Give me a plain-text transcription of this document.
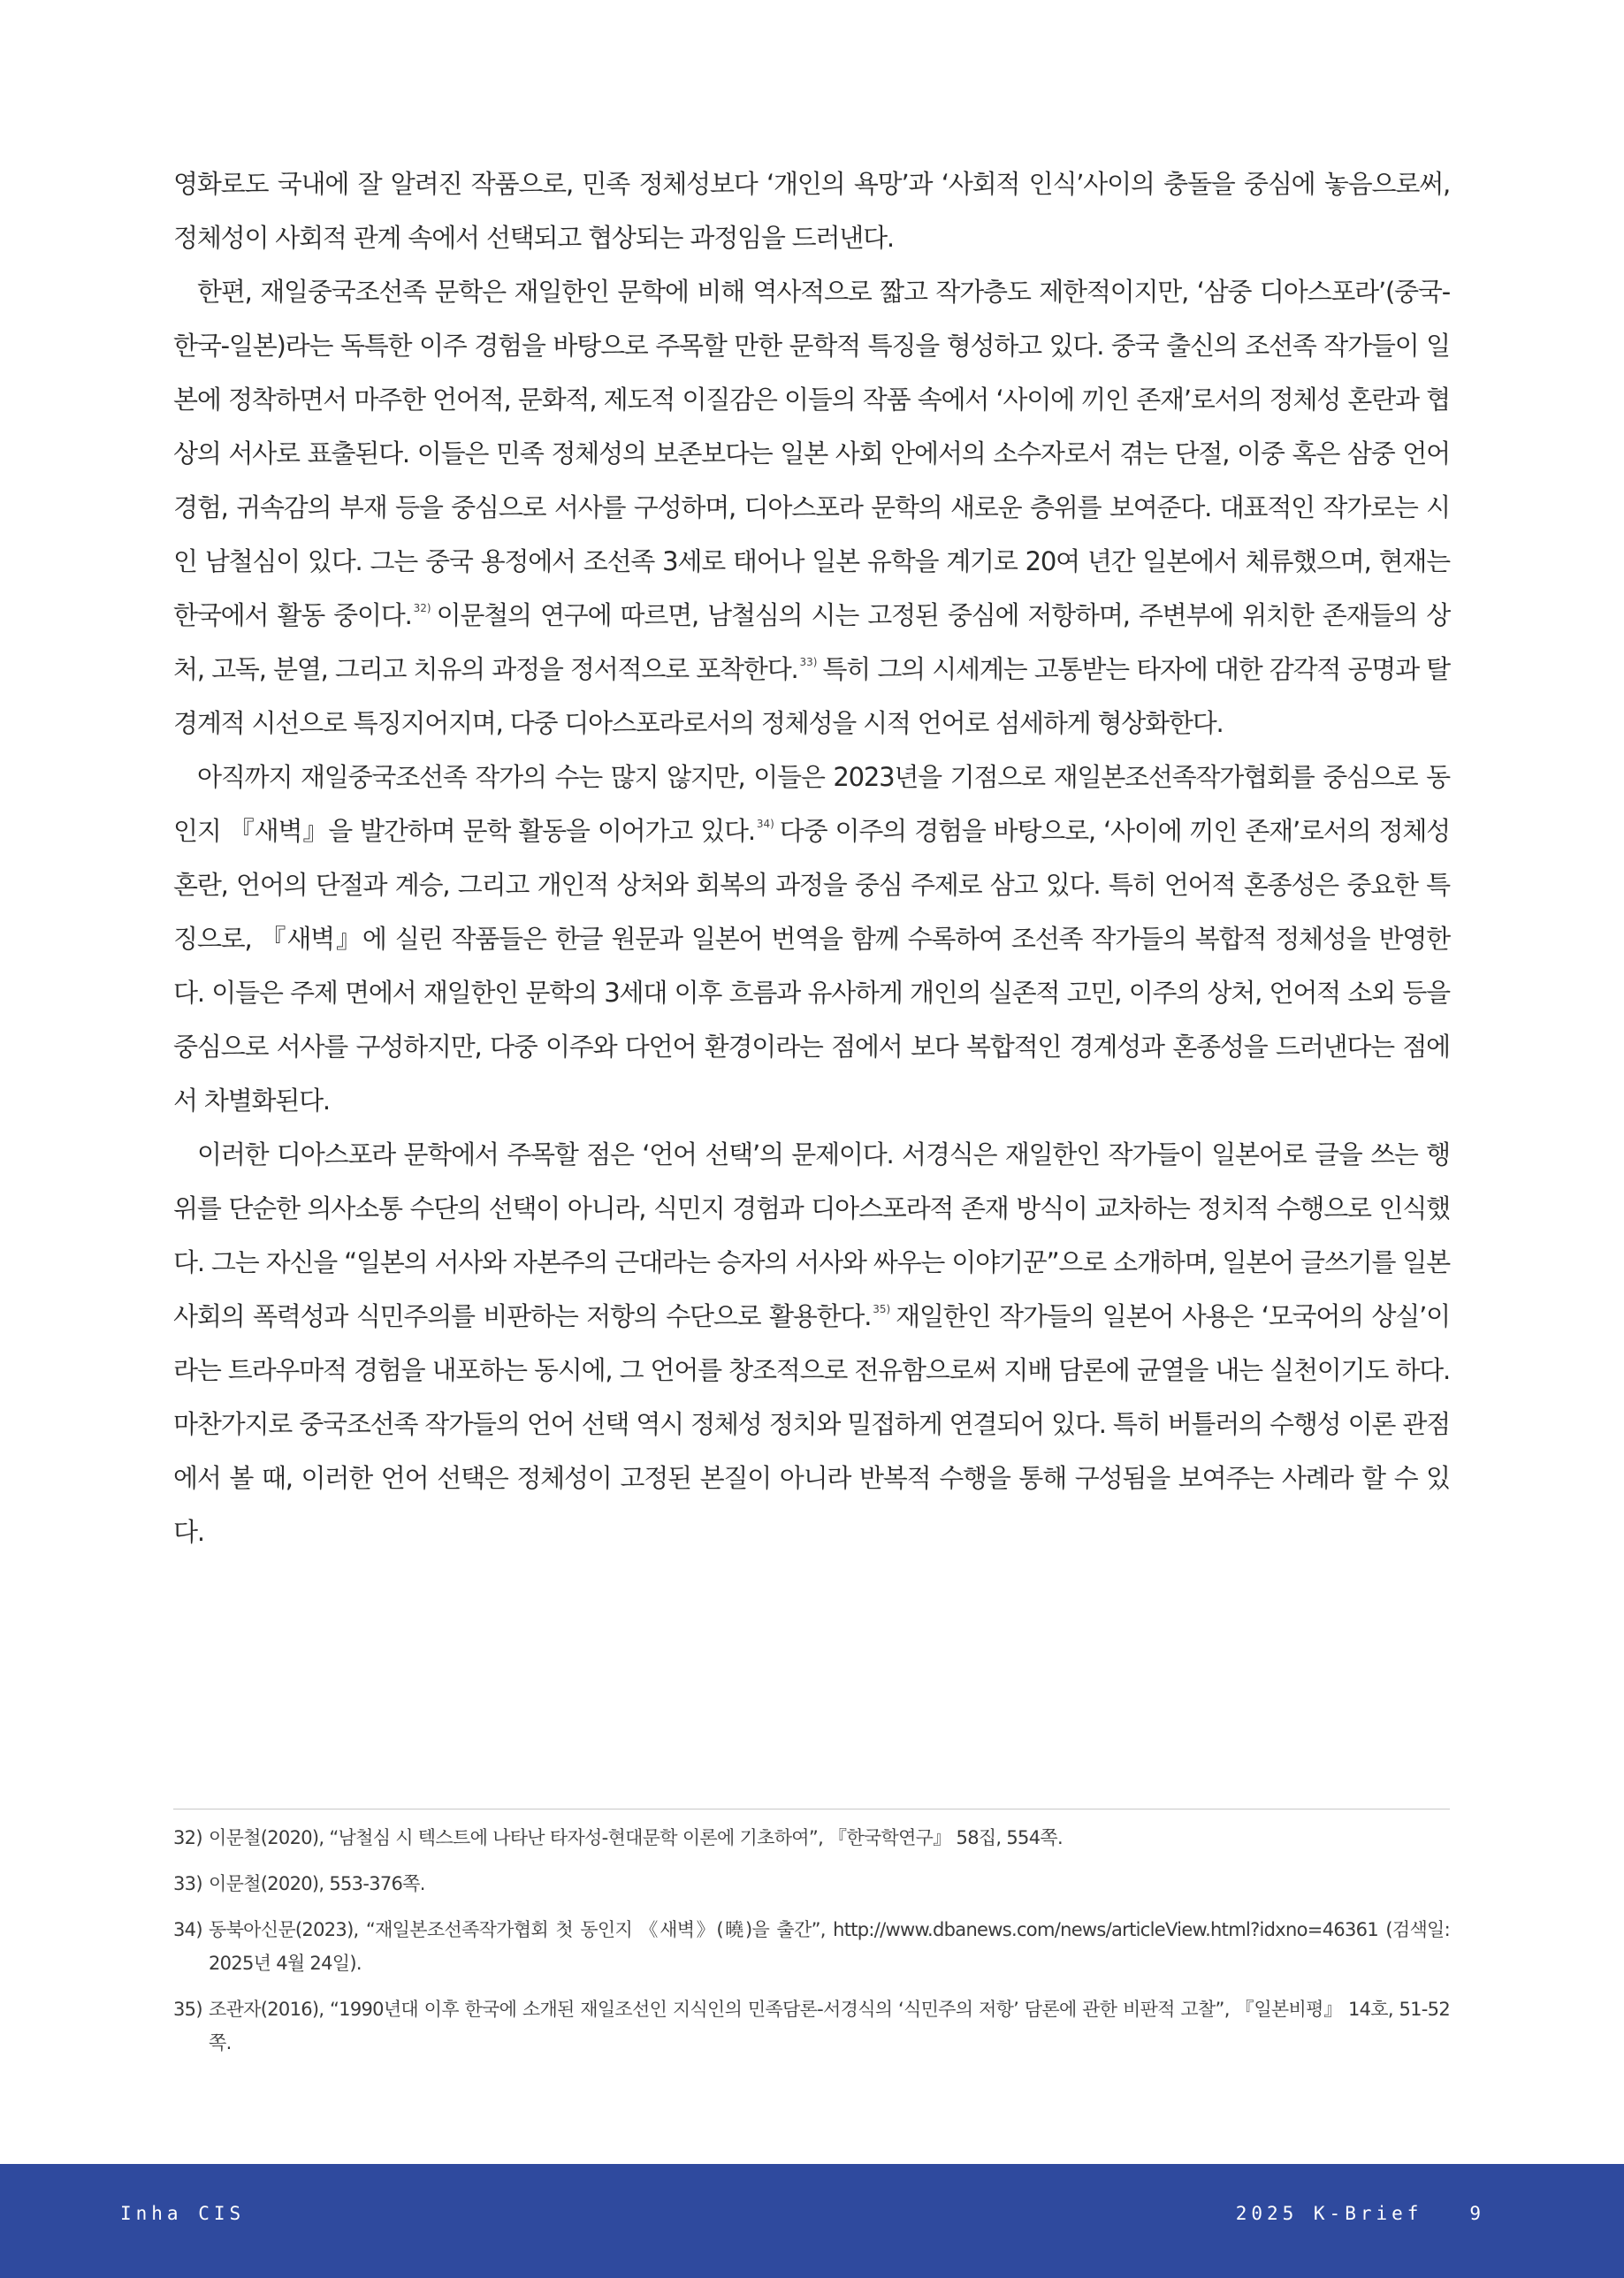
영화로도 국내에 잘 알려진 작품으로, 민족 정체성보다 ‘개인의 욕망’과 ‘사회적 인식’사이의 충돌을 중심에 놓음으로써, 정체성이 사회적 관계 속에서 선택되고 협상되는 과정임을 드러낸다.

한편, 재일중국조선족 문학은 재일한인 문학에 비해 역사적으로 짧고 작가층도 제한적이지만, ‘삼중 디아스포라’(중국-한국-일본)라는 독특한 이주 경험을 바탕으로 주목할 만한 문학적 특징을 형성하고 있다. 중국 출신의 조선족 작가들이 일본에 정착하면서 마주한 언어적, 문화적, 제도적 이질감은 이들의 작품 속에서 ‘사이에 끼인 존재’로서의 정체성 혼란과 협상의 서사로 표출된다. 이들은 민족 정체성의 보존보다는 일본 사회 안에서의 소수자로서 겪는 단절, 이중 혹은 삼중 언어 경험, 귀속감의 부재 등을 중심으로 서사를 구성하며, 디아스포라 문학의 새로운 층위를 보여준다. 대표적인 작가로는 시인 남철심이 있다. 그는 중국 용정에서 조선족 3세로 태어나 일본 유학을 계기로 20여 년간 일본에서 체류했으며, 현재는 한국에서 활동 중이다. $^{32)}$ 이문철의 연구에 따르면, 남철심의 시는 고정된 중심에 저항하며, 주변부에 위치한 존재들의 상처, 고독, 분열, 그리고 치유의 과정을 정서적으로 포착한다. $^{33)}$ 특히 그의 시세계는 고통받는 타자에 대한 감각적 공명과 탈경계적 시선으로 특징지어지며, 다중 디아스포라로서의 정체성을 시적 언어로 섬세하게 형상화한다.

아직까지 재일중국조선족 작가의 수는 많지 않지만, 이들은 2023년을 기점으로 재일본조선족작가협회를 중심으로 동인지 『새벽』을 발간하며 문학 활동을 이어가고 있다. $^{34)}$ 다중 이주의 경험을 바탕으로, ‘사이에 끼인 존재’로서의 정체성 혼란, 언어의 단절과 계승, 그리고 개인적 상처와 회복의 과정을 중심 주제로 삼고 있다. 특히 언어적 혼종성은 중요한 특징으로, 『새벽』에 실린 작품들은 한글 원문과 일본어 번역을 함께 수록하여 조선족 작가들의 복합적 정체성을 반영한다. 이들은 주제 면에서 재일한인 문학의 3세대 이후 흐름과 유사하게 개인의 실존적 고민, 이주의 상처, 언어적 소외 등을 중심으로 서사를 구성하지만, 다중 이주와 다언어 환경이라는 점에서 보다 복합적인 경계성과 혼종성을 드러낸다는 점에서 차별화된다.

이러한 디아스포라 문학에서 주목할 점은 ‘언어 선택’의 문제이다. 서경식은 재일한인 작가들이 일본어로 글을 쓰는 행위를 단순한 의사소통 수단의 선택이 아니라, 식민지 경험과 디아스포라적 존재 방식이 교차하는 정치적 수행으로 인식했다. 그는 자신을 “일본의 서사와 자본주의 근대라는 승자의 서사와 싸우는 이야기꾼”으로 소개하며, 일본어 글쓰기를 일본 사회의 폭력성과 식민주의를 비판하는 저항의 수단으로 활용한다. $^{35)}$ 재일한인 작가들의 일본어 사용은 ‘모국어의 상실’이라는 트라우마적 경험을 내포하는 동시에, 그 언어를 창조적으로 전유함으로써 지배 담론에 균열을 내는 실천이기도 하다. 마찬가지로 중국조선족 작가들의 언어 선택 역시 정체성 정치와 밀접하게 연결되어 있다. 특히 버틀러의 수행성 이론 관점에서 볼 때, 이러한 언어 선택은 정체성이 고정된 본질이 아니라 반복적 수행을 통해 구성됨을 보여주는 사례라 할 수 있다.

32) 이문철(2020), “남철심 시 텍스트에 나타난 타자성-현대문학 이론에 기초하여”, 『한국학연구』 58집, 554쪽.
33) 이문철(2020), 553-376쪽.
34) 동북아신문(2023), “재일본조선족작가협회 첫 동인지 《새벽》(曉)을 출간”, http://www.dbanews.com/news/articleView.html?idxno=46361 (검색일: 2025년 4월 24일).
35) 조관자(2016), “1990년대 이후 한국에 소개된 재일조선인 지식인의 민족담론-서경식의 ‘식민주의 저항’ 담론에 관한 비판적 고찰”, 『일본비평』 14호, 51-52쪽.
Inha CIS	2025 K-Brief	9
